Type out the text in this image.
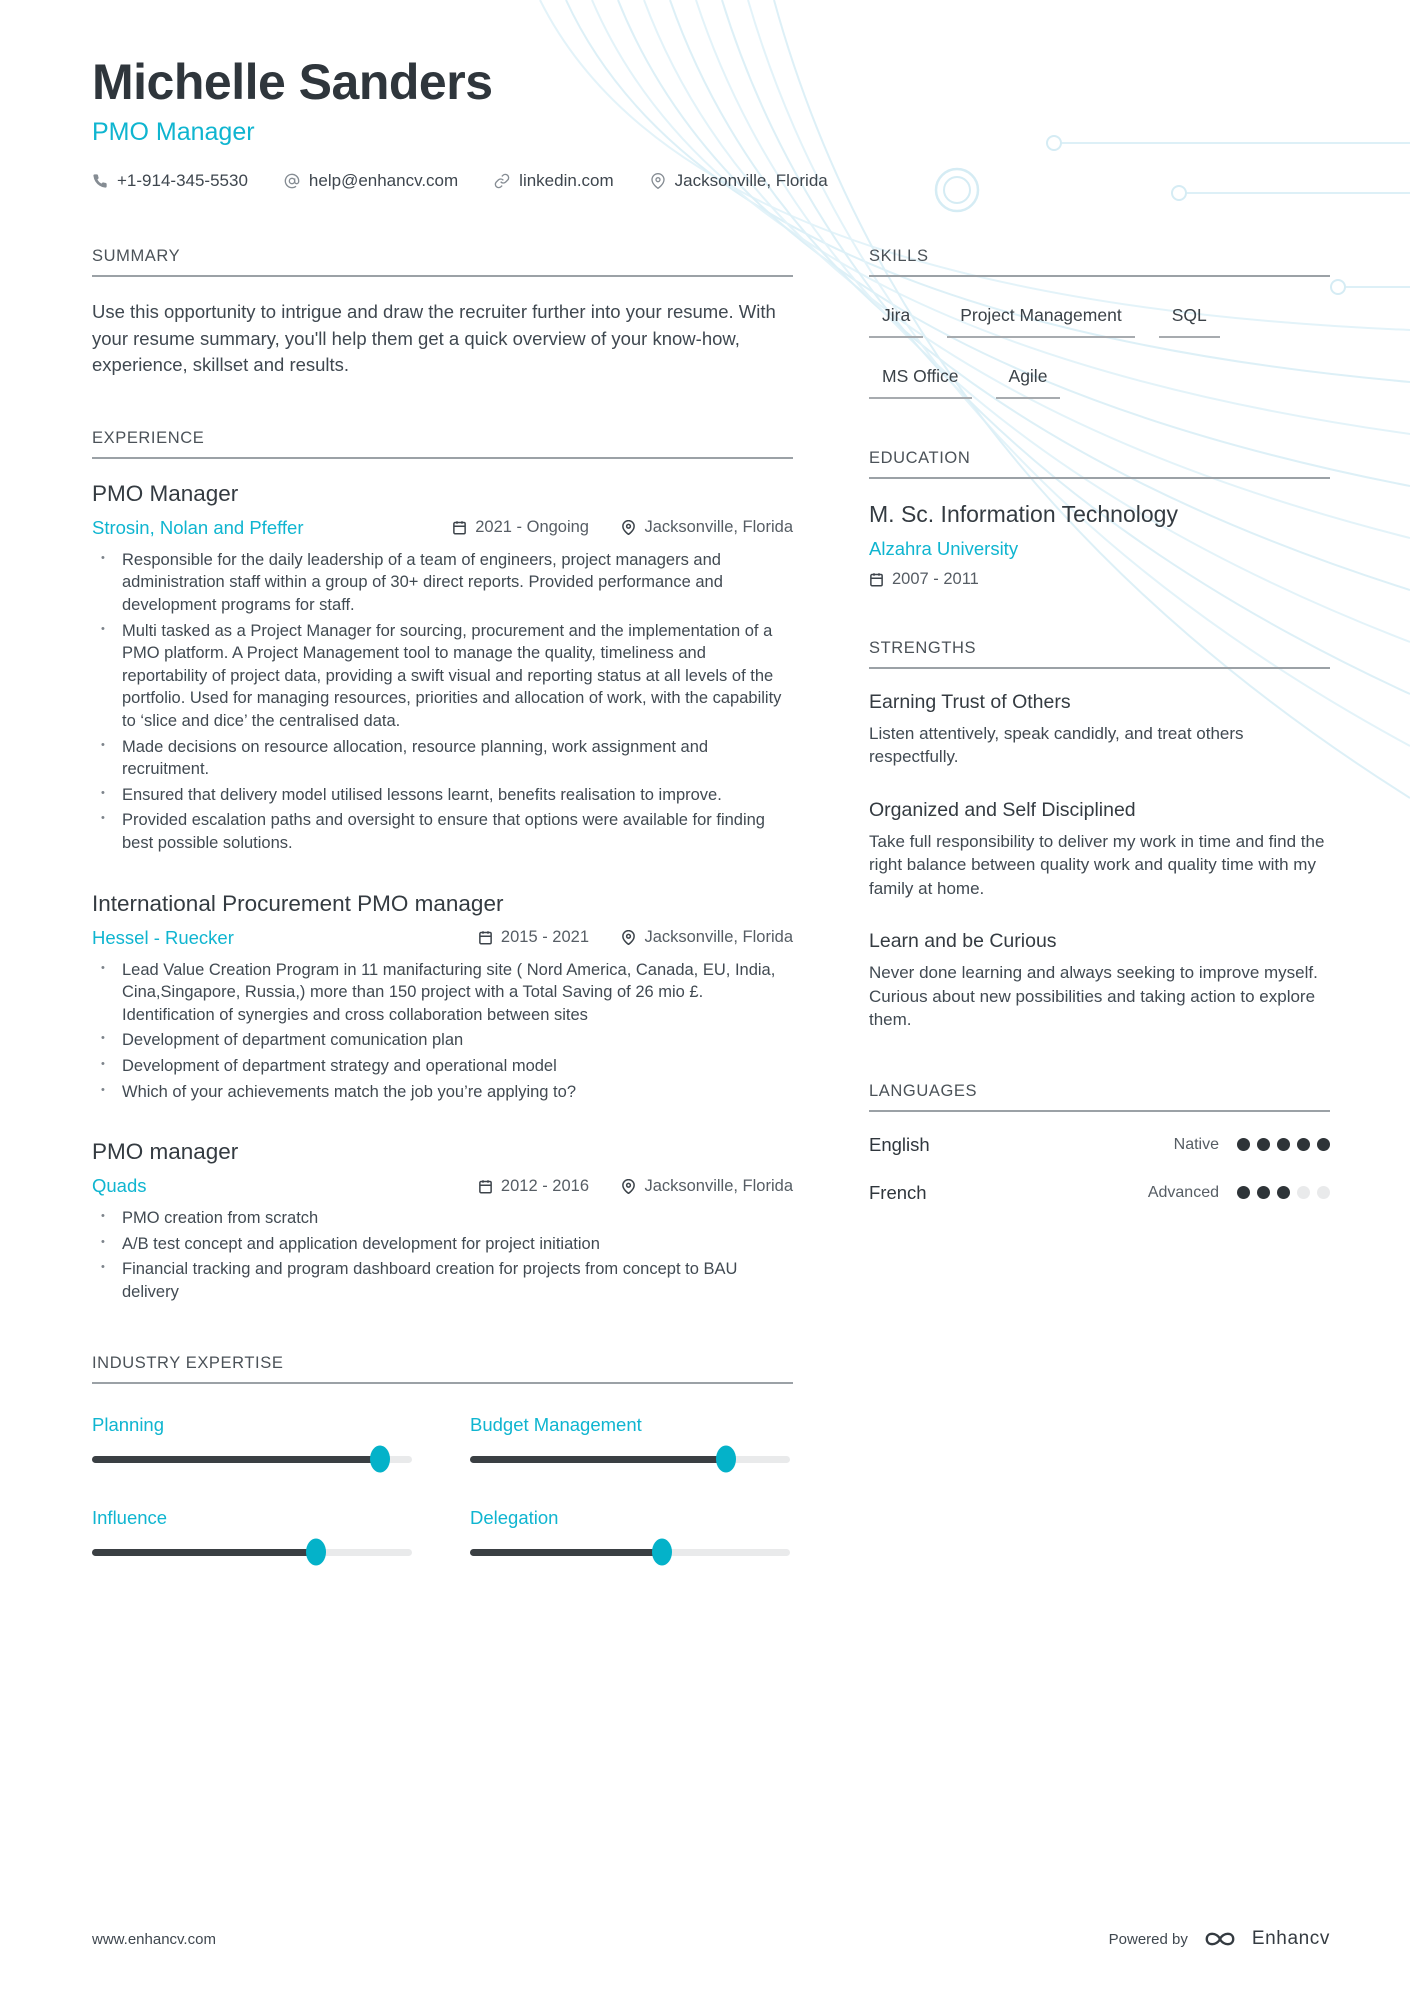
Michelle Sanders
PMO Manager
+1-914-345-5530	help@enhancv.com	linkedin.com	Jacksonville, Florida
SUMMARY

Use this opportunity to intrigue and draw the recruiter further into your resume. With your resume summary, you'll help them get a quick overview of your know-how, experience, skillset and results.

EXPERIENCE
PMO Manager
Strosin, Nolan and Pfeffer	2021 - Ongoing	Jacksonville, Florida
• Responsible for the daily leadership of a team of engineers, project managers and administration staff within a group of 30+ direct reports. Provided performance and development programs for staff.
• Multi tasked as a Project Manager for sourcing, procurement and the implementation of a PMO platform. A Project Management tool to manage the quality, timeliness and reportability of project data, providing a swift visual and reporting status at all levels of the portfolio. Used for managing resources, priorities and allocation of work, with the capability to ‘slice and dice’ the centralised data.
• Made decisions on resource allocation, resource planning, work assignment and recruitment.
• Ensured that delivery model utilised lessons learnt, benefits realisation to improve.
• Provided escalation paths and oversight to ensure that options were available for finding best possible solutions.
International Procurement PMO manager
Hessel - Ruecker	2015 - 2021	Jacksonville, Florida
• Lead Value Creation Program in 11 manifacturing site ( Nord America, Canada, EU, India, Cina,Singapore, Russia,) more than 150 project with a Total Saving of 26 mio £. Identification of synergies and cross collaboration between sites
• Development of department comunication plan
• Development of department strategy and operational model
• Which of your achievements match the job you’re applying to?
PMO manager
Quads	2012 - 2016	Jacksonville, Florida
• PMO creation from scratch
• A/B test concept and application development for project initiation
• Financial tracking and program dashboard creation for projects from concept to BAU delivery
INDUSTRY EXPERTISE
Planning	Budget Management
Influence	Delegation
SKILLS
Jira	Project Management	SQL
MS Office	Agile
EDUCATION
M. Sc. Information Technology
Alzahra University
2007 - 2011
STRENGTHS
Earning Trust of Others
Listen attentively, speak candidly, and treat others respectfully.
Organized and Self Disciplined
Take full responsibility to deliver my work in time and find the right balance between quality work and quality time with my family at home.
Learn and be Curious
Never done learning and always seeking to improve myself. Curious about new possibilities and taking action to explore them.
LANGUAGES
English	Native
French	Advanced
www.enhancv.com	Powered by	Enhancv
